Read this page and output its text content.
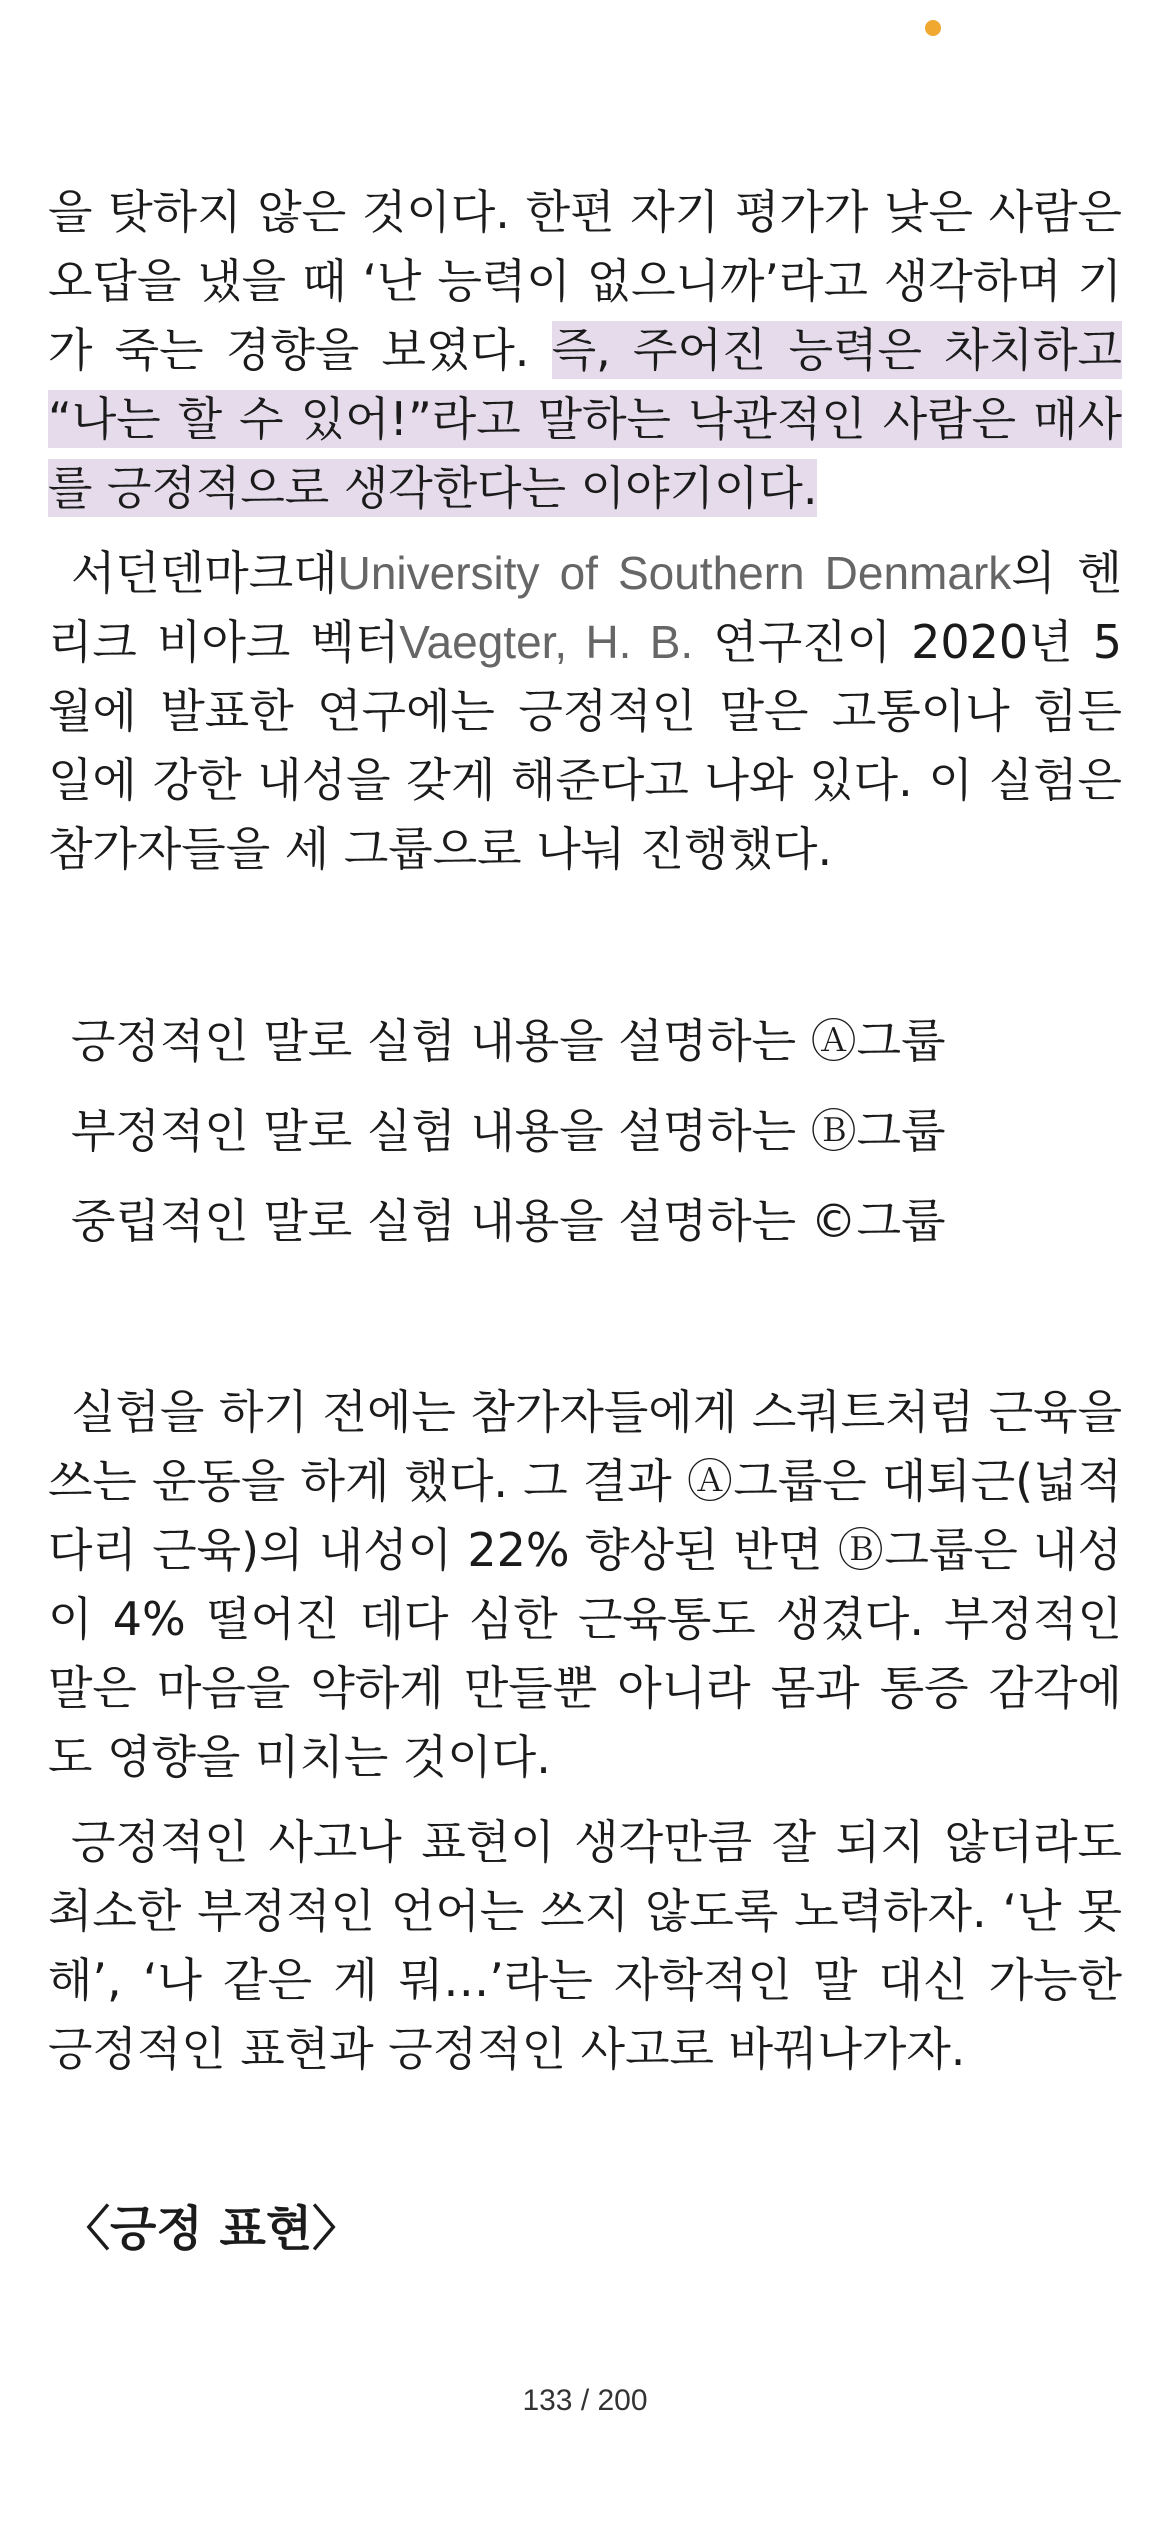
을 탓하지 않은 것이다. 한편 자기 평가가 낮은 사람은 오답을 냈을 때 ‘난 능력이 없으니까’라고 생각하며 기가 죽는 경향을 보였다. 즉, 주어진 능력은 차치하고 “나는 할 수 있어!”라고 말하는 낙관적인 사람은 매사를 긍정적으로 생각한다는 이야기이다.

서던덴마크대University of Southern Denmark의 헨리크 비아크 벡터Vaegter, H. B. 연구진이 2020년 5월에 발표한 연구에는 긍정적인 말은 고통이나 힘든 일에 강한 내성을 갖게 해준다고 나와 있다. 이 실험은 참가자들을 세 그룹으로 나눠 진행했다.

긍정적인 말로 실험 내용을 설명하는 Ⓐ그룹
부정적인 말로 실험 내용을 설명하는 Ⓑ그룹
중립적인 말로 실험 내용을 설명하는 ©그룹

실험을 하기 전에는 참가자들에게 스쿼트처럼 근육을 쓰는 운동을 하게 했다. 그 결과 Ⓐ그룹은 대퇴근(넓적다리 근육)의 내성이 22% 향상된 반면 Ⓑ그룹은 내성이 4% 떨어진 데다 심한 근육통도 생겼다. 부정적인 말은 마음을 약하게 만들뿐 아니라 몸과 통증 감각에도 영향을 미치는 것이다.

긍정적인 사고나 표현이 생각만큼 잘 되지 않더라도 최소한 부정적인 언어는 쓰지 않도록 노력하자. ‘난 못 해’, ‘나 같은 게 뭐…’라는 자학적인 말 대신 가능한 긍정적인 표현과 긍정적인 사고로 바꿔나가자.

〈긍정 표현〉
133 / 200
